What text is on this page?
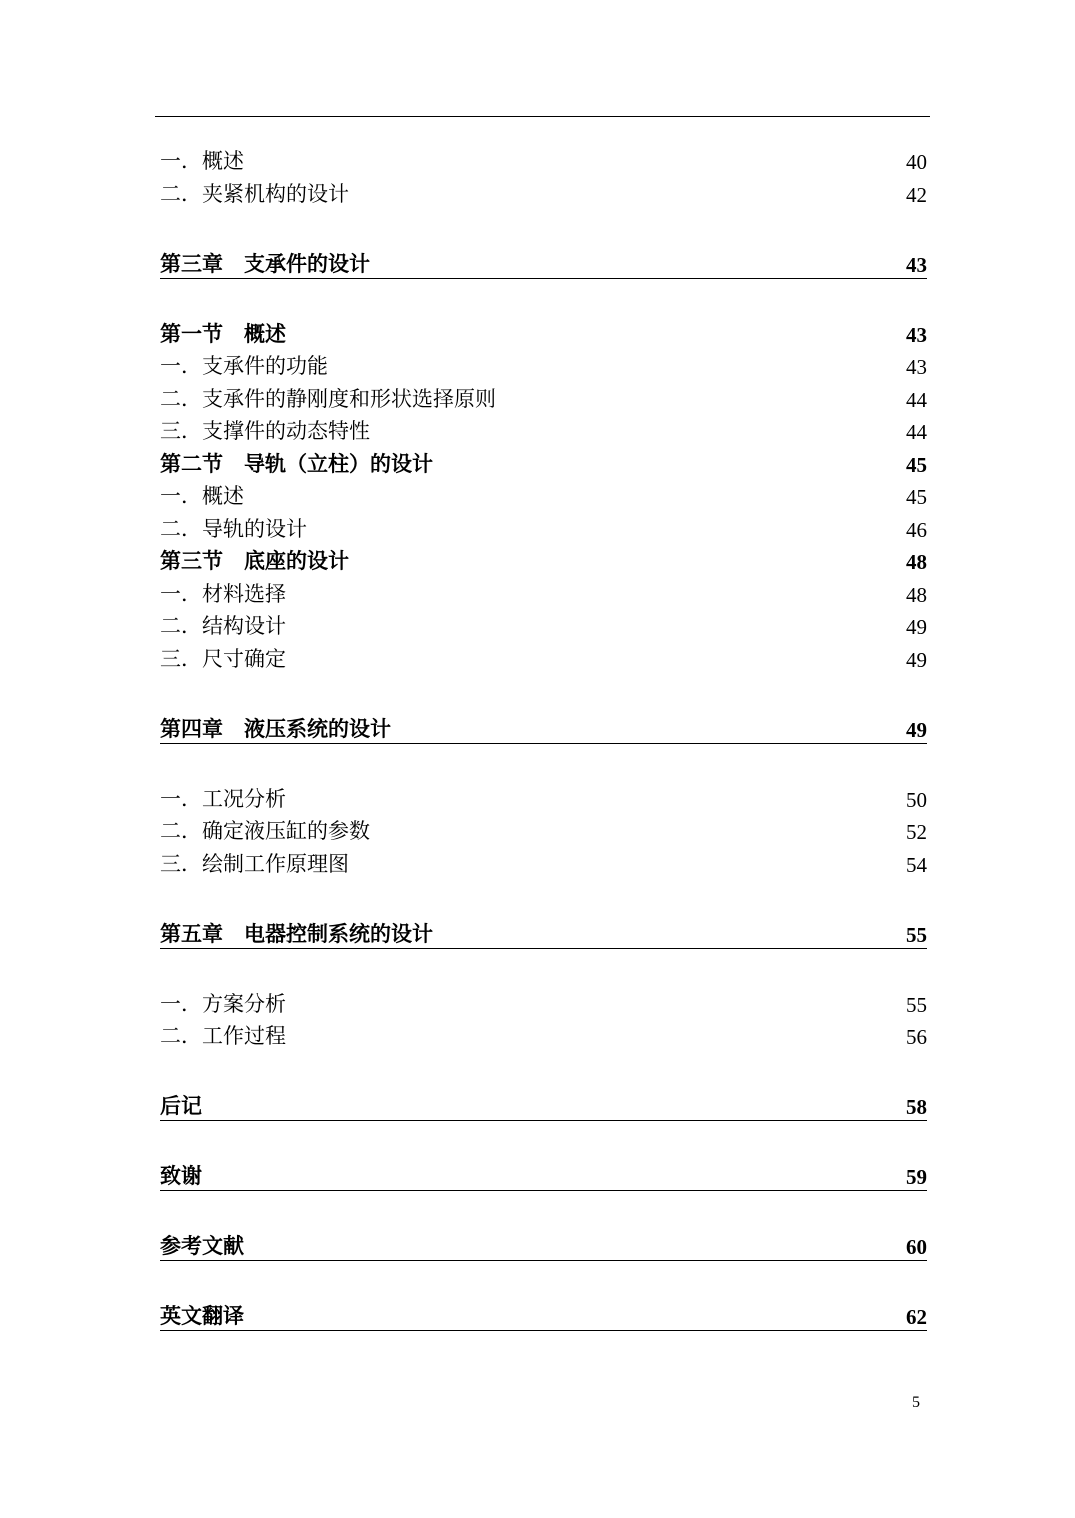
一．概述	40
二．夹紧机构的设计	42
第三章　支承件的设计	43
第一节　概述	43
一．支承件的功能	43
二．支承件的静刚度和形状选择原则	44
三．支撑件的动态特性	44
第二节　导轨（立柱）的设计	45
一．概述	45
二．导轨的设计	46
第三节　底座的设计	48
一．材料选择	48
二．结构设计	49
三．尺寸确定	49
第四章　液压系统的设计	49
一．工况分析	50
二．确定液压缸的参数	52
三．绘制工作原理图	54
第五章　电器控制系统的设计	55
一．方案分析	55
二．工作过程	56
后记	58
致谢	59
参考文献	60
英文翻译	62
5
